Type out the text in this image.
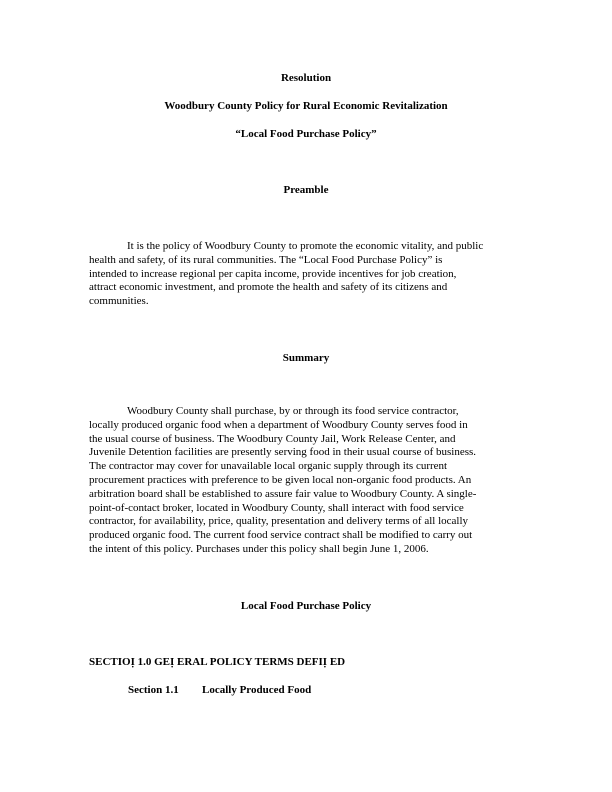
Resolution
Woodbury County Policy for Rural Economic Revitalization
“Local Food Purchase Policy”
Preamble
It is the policy of Woodbury County to promote the economic vitality, and public
health and safety, of its rural communities. The “Local Food Purchase Policy” is
intended to increase regional per capita income, provide incentives for job creation,
attract economic investment, and promote the health and safety of its citizens and
communities.
Summary
Woodbury County shall purchase, by or through its food service contractor,
locally produced organic food when a department of Woodbury County serves food in
the usual course of business. The Woodbury County Jail, Work Release Center, and
Juvenile Detention facilities are presently serving food in their usual course of business.
The contractor may cover for unavailable local organic supply through its current
procurement practices with preference to be given local non-organic food products. An
arbitration board shall be established to assure fair value to Woodbury County. A single-
point-of-contact broker, located in Woodbury County, shall interact with food service
contractor, for availability, price, quality, presentation and delivery terms of all locally
produced organic food. The current food service contract shall be modified to carry out
the intent of this policy. Purchases under this policy shall begin June 1, 2006.
Local Food Purchase Policy
SECTIOỊ 1.0 GEỊ ERAL POLICY TERMS DEFIỊ ED
Section 1.1 Locally Produced Food
